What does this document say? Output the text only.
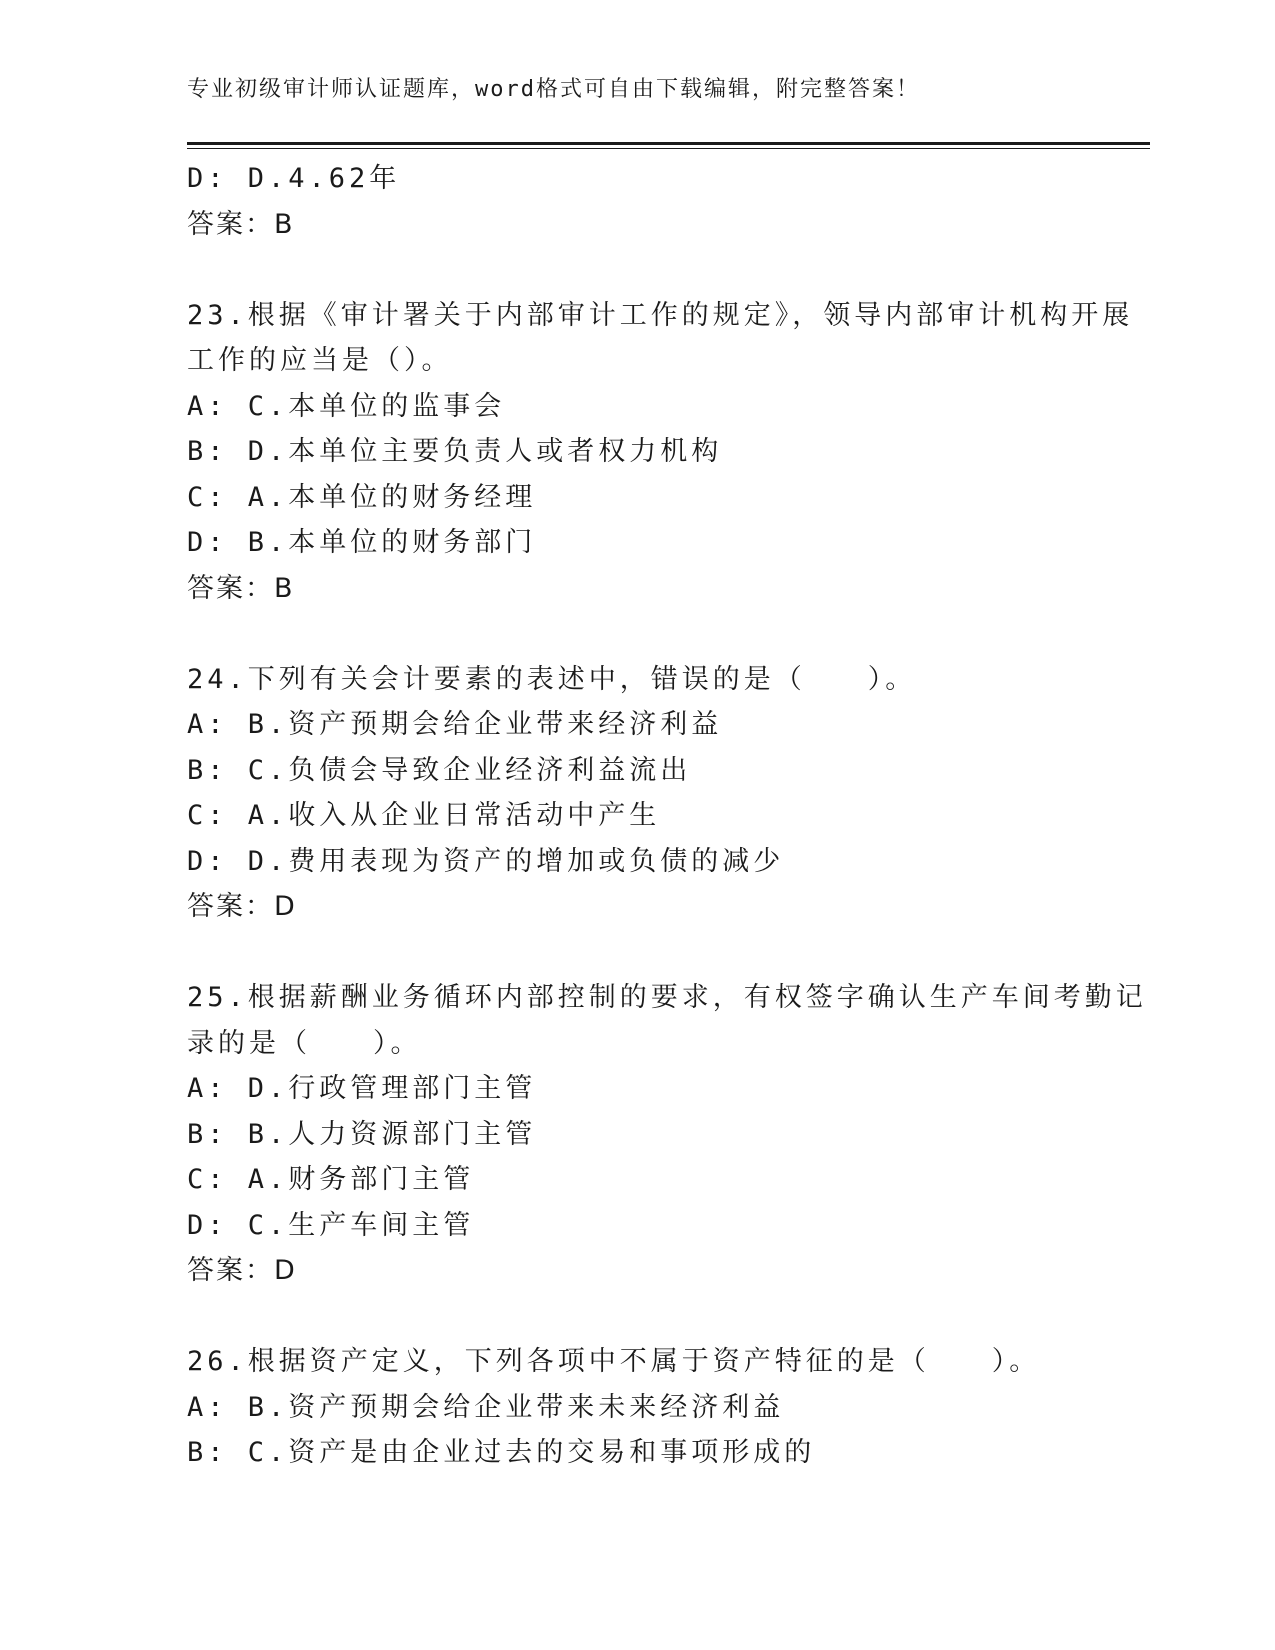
专业初级审计师认证题库，word格式可自由下载编辑，附完整答案！
D: D.4.62年
答案：B
23.根据《审计署关于内部审计工作的规定》，领导内部审计机构开展
工作的应当是（）。
A: C.本单位的监事会
B: D.本单位主要负责人或者权力机构
C: A.本单位的财务经理
D: B.本单位的财务部门
答案：B
24.下列有关会计要素的表述中，错误的是（　　）。
A: B.资产预期会给企业带来经济利益
B: C.负债会导致企业经济利益流出
C: A.收入从企业日常活动中产生
D: D.费用表现为资产的增加或负债的减少
答案：D
25.根据薪酬业务循环内部控制的要求，有权签字确认生产车间考勤记
录的是（　　）。
A: D.行政管理部门主管
B: B.人力资源部门主管
C: A.财务部门主管
D: C.生产车间主管
答案：D
26.根据资产定义，下列各项中不属于资产特征的是（　　）。
A: B.资产预期会给企业带来未来经济利益
B: C.资产是由企业过去的交易和事项形成的
